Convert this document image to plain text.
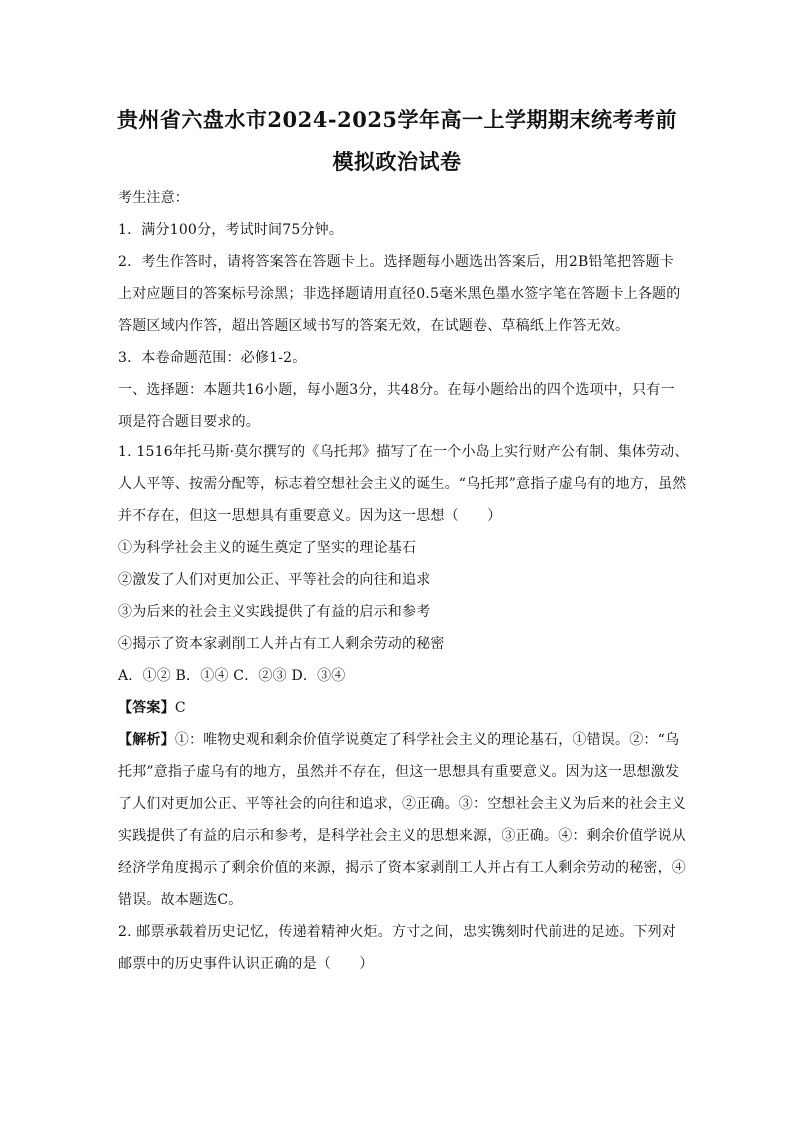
贵州省六盘水市2024-2025学年高一上学期期末统考考前
模拟政治试卷
考生注意：
1．满分100分，考试时间75分钟。
2．考生作答时，请将答案答在答题卡上。选择题每小题选出答案后，用2B铅笔把答题卡
上对应题目的答案标号涂黑；非选择题请用直径0.5毫米黑色墨水签字笔在答题卡上各题的
答题区域内作答，超出答题区域书写的答案无效，在试题卷、草稿纸上作答无效。
3．本卷命题范围：必修1-2。
一、选择题：本题共16小题，每小题3分，共48分。在每小题给出的四个选项中，只有一
项是符合题目要求的。
1. 1516年托马斯·莫尔撰写的《乌托邦》描写了在一个小岛上实行财产公有制、集体劳动、
人人平等、按需分配等，标志着空想社会主义的诞生。“乌托邦”意指子虚乌有的地方，虽然
并不存在，但这一思想具有重要意义。因为这一思想（　　）
①为科学社会主义的诞生奠定了坚实的理论基石
②激发了人们对更加公正、平等社会的向往和追求
③为后来的社会主义实践提供了有益的启示和参考
④揭示了资本家剥削工人并占有工人剩余劳动的秘密
A．①② B．①④ C．②③ D．③④
【答案】C
【解析】①：唯物史观和剩余价值学说奠定了科学社会主义的理论基石，①错误。②：“乌
托邦”意指子虚乌有的地方，虽然并不存在，但这一思想具有重要意义。因为这一思想激发
了人们对更加公正、平等社会的向往和追求，②正确。③：空想社会主义为后来的社会主义
实践提供了有益的启示和参考，是科学社会主义的思想来源，③正确。④：剩余价值学说从
经济学角度揭示了剩余价值的来源，揭示了资本家剥削工人并占有工人剩余劳动的秘密，④
错误。故本题选C。
2. 邮票承载着历史记忆，传递着精神火炬。方寸之间，忠实镌刻时代前进的足迹。下列对
邮票中的历史事件认识正确的是（　　）
